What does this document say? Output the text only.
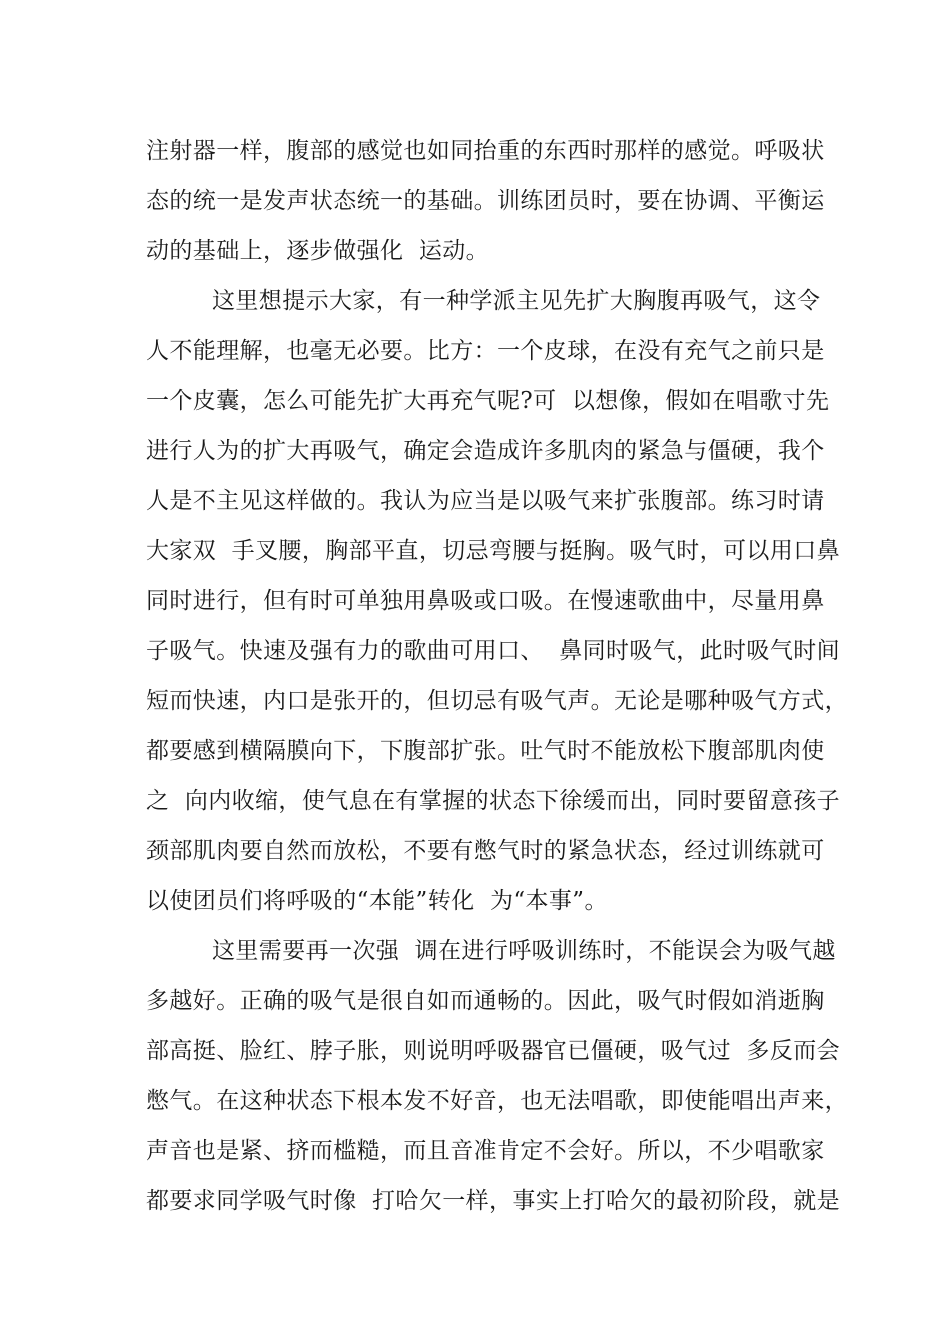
注射器一样，腹部的感觉也如同抬重的东西时那样的感觉。呼吸状
态的统一是发声状态统一的基础。训练团员时，要在协调、平衡运
动的基础上，逐步做强化  运动。
这里想提示大家，有一种学派主见先扩大胸腹再吸气，这令
人不能理解，也毫无必要。比方：一个皮球，在没有充气之前只是
一个皮囊，怎么可能先扩大再充气呢?可  以想像，假如在唱歌寸先
进行人为的扩大再吸气，确定会造成许多肌肉的紧急与僵硬，我个
人是不主见这样做的。我认为应当是以吸气来扩张腹部。练习时请
大家双  手叉腰，胸部平直，切忌弯腰与挺胸。吸气时，可以用口鼻
同时进行，但有时可单独用鼻吸或口吸。在慢速歌曲中，尽量用鼻
子吸气。快速及强有力的歌曲可用口、  鼻同时吸气，此时吸气时间
短而快速，内口是张开的，但切忌有吸气声。无论是哪种吸气方式，
都要感到横隔膜向下，下腹部扩张。吐气时不能放松下腹部肌肉使
之  向内收缩，使气息在有掌握的状态下徐缓而出，同时要留意孩子
颈部肌肉要自然而放松，不要有憋气时的紧急状态，经过训练就可
以使团员们将呼吸的“本能”转化  为“本事”。
这里需要再一次强  调在进行呼吸训练时，不能误会为吸气越
多越好。正确的吸气是很自如而通畅的。因此，吸气时假如消逝胸
部高挺、脸红、脖子胀，则说明呼吸器官已僵硬，吸气过  多反而会
憋气。在这种状态下根本发不好音，也无法唱歌，即使能唱出声来，
声音也是紧、挤而槛糙，而且音准肯定不会好。所以，不少唱歌家
都要求同学吸气时像  打哈欠一样，事实上打哈欠的最初阶段，就是
